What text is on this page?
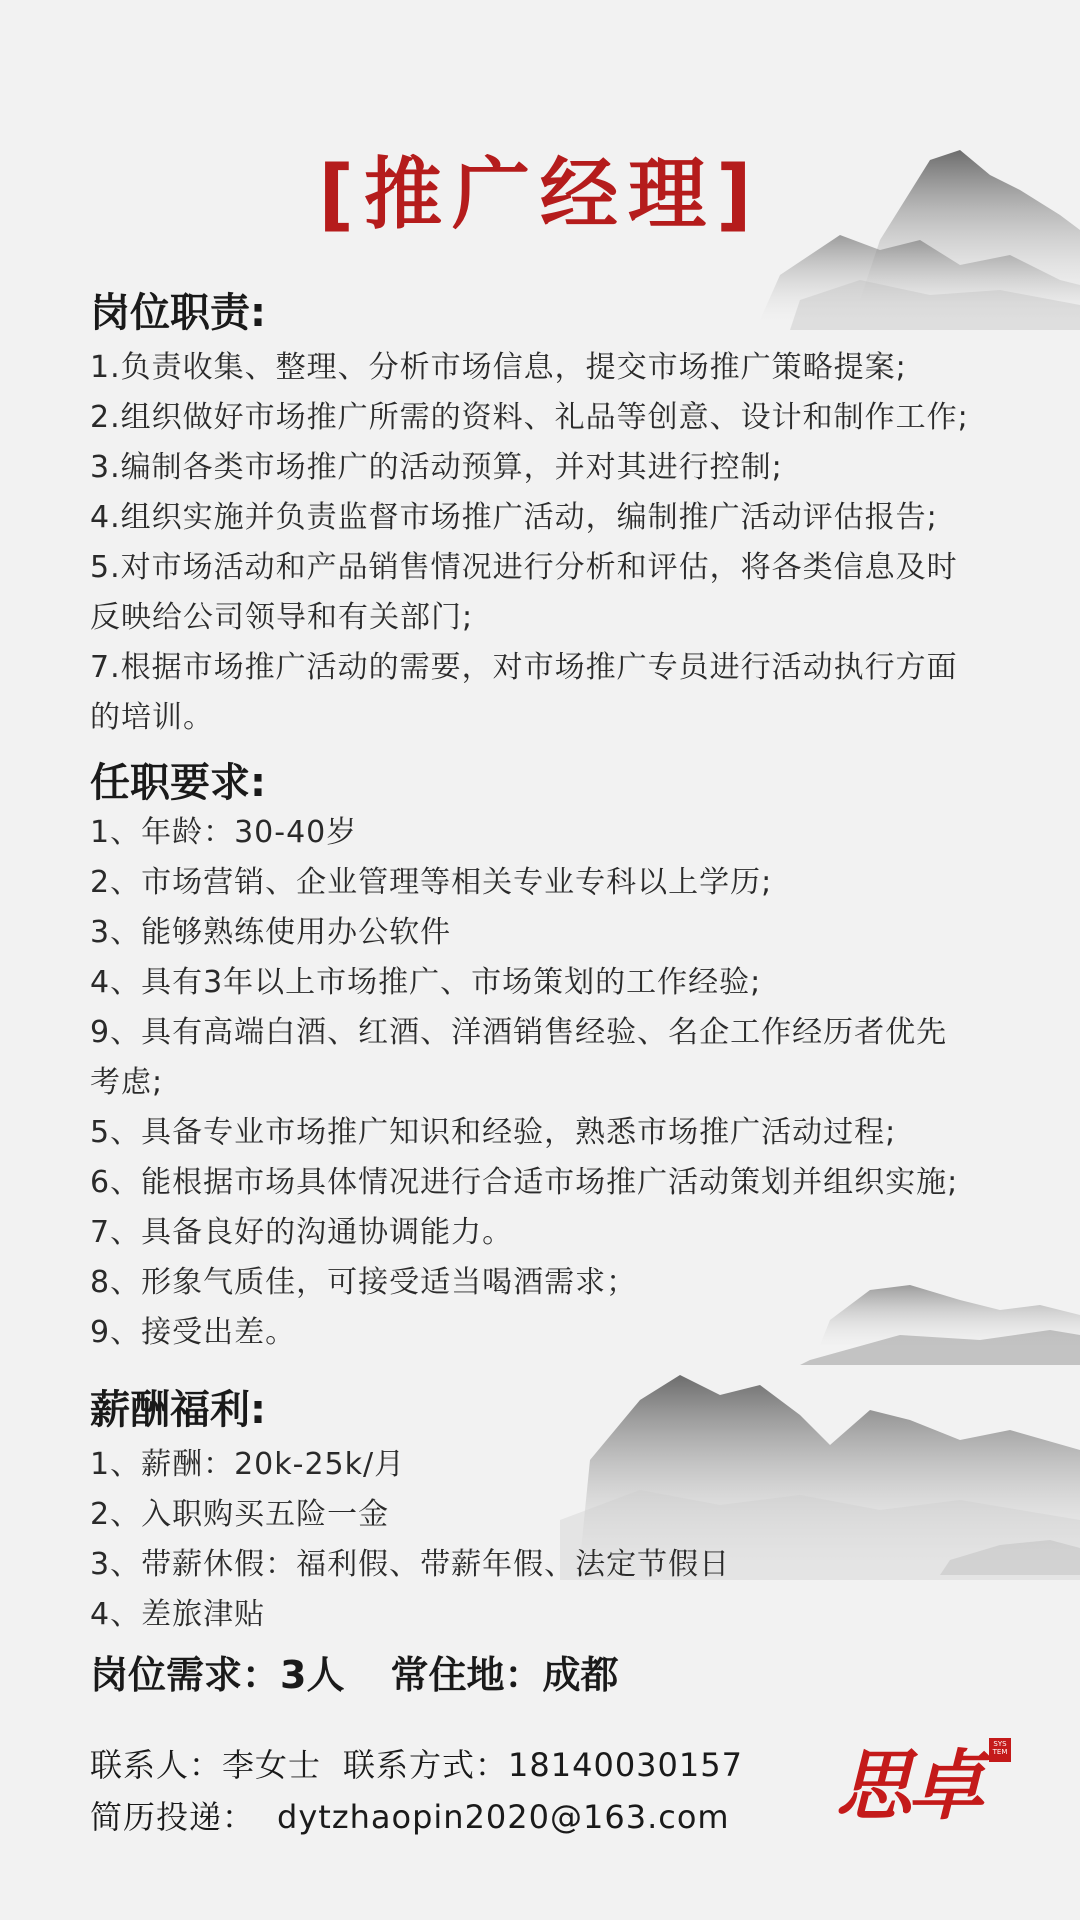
[推广经理]
岗位职责:
1.负责收集、整理、分析市场信息，提交市场推广策略提案;
2.组织做好市场推广所需的资料、礼品等创意、设计和制作工作;
3.编制各类市场推广的活动预算，并对其进行控制;
4.组织实施并负责监督市场推广活动，编制推广活动评估报告;
5.对市场活动和产品销售情况进行分析和评估，将各类信息及时
反映给公司领导和有关部门;
7.根据市场推广活动的需要，对市场推广专员进行活动执行方面
的培训。
任职要求:
1、年龄：30-40岁
2、市场营销、企业管理等相关专业专科以上学历;
3、能够熟练使用办公软件
4、具有3年以上市场推广、市场策划的工作经验;
9、具有高端白酒、红酒、洋酒销售经验、名企工作经历者优先
考虑;
5、具备专业市场推广知识和经验，熟悉市场推广活动过程;
6、能根据市场具体情况进行合适市场推广活动策划并组织实施;
7、具备良好的沟通协调能力。
8、形象气质佳，可接受适当喝酒需求；
9、接受出差。
薪酬福利:
1、薪酬：20k-25k/月
2、入职购买五险一金
3、带薪休假：福利假、带薪年假、法定节假日
4、差旅津贴
岗位需求：3人 常住地：成都
联系人：李女士 联系方式：18140030157
简历投递： dytzhaopin2020@163.com	思卓	SYS TEM
